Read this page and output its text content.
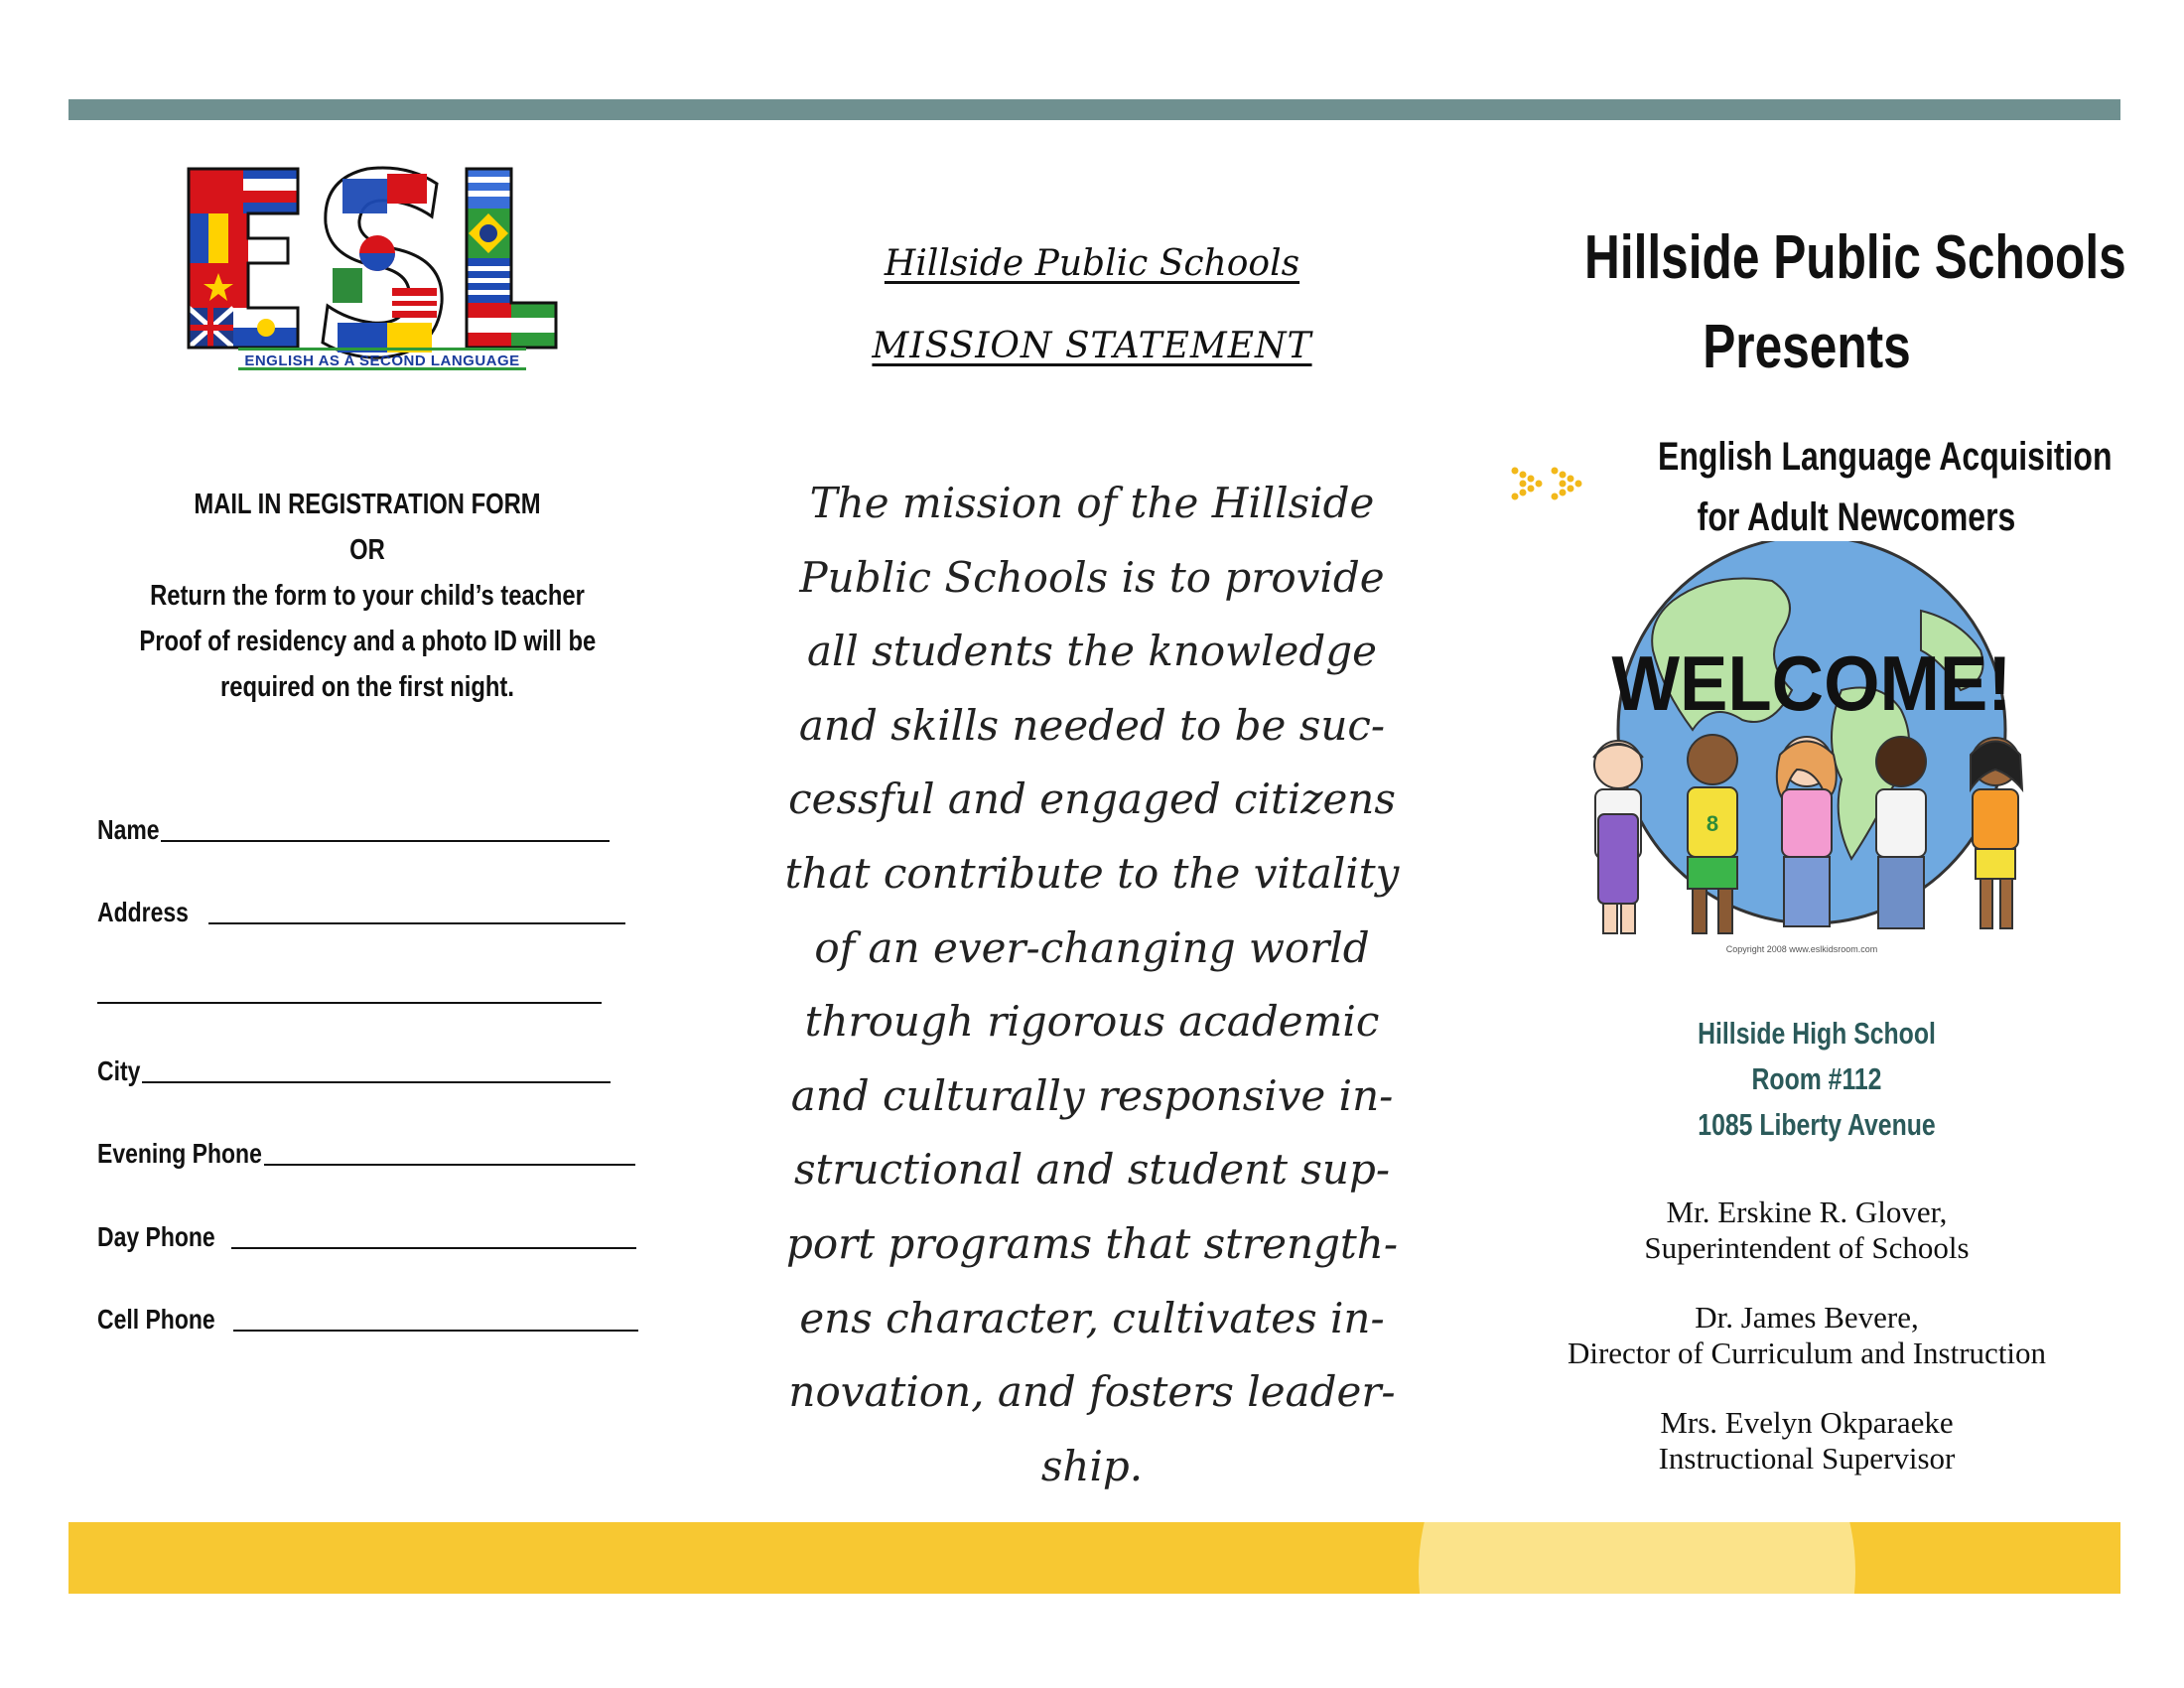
ENGLISH AS A SECOND LANGUAGE
MAIL IN REGISTRATION FORM
OR
Return the form to your child’s teacher
Proof of residency and a photo ID will be
required on the first night.
Name
Address
City
Evening Phone
Day Phone
Cell Phone
Hillside Public Schools
MISSION STATEMENT
The mission of the Hillside
Public Schools is to provide
all students the knowledge
and skills needed to be suc-
cessful and engaged citizens
that contribute to the vitality
of an ever-changing world
through rigorous academic
and culturally responsive in-
structional and student sup-
port programs that strength-
ens character, cultivates in-
novation, and fosters leader-
ship.
Hillside Public Schools
Presents
English Language Acquisition
for Adult Newcomers
8
WELCOME!
Copyright 2008 www.eslkidsroom.com
Hillside High School
Room #112
1085 Liberty Avenue
Mr. Erskine R. Glover,
Superintendent of Schools
Dr. James Bevere,
Director of Curriculum and Instruction
Mrs. Evelyn Okparaeke
Instructional Supervisor
